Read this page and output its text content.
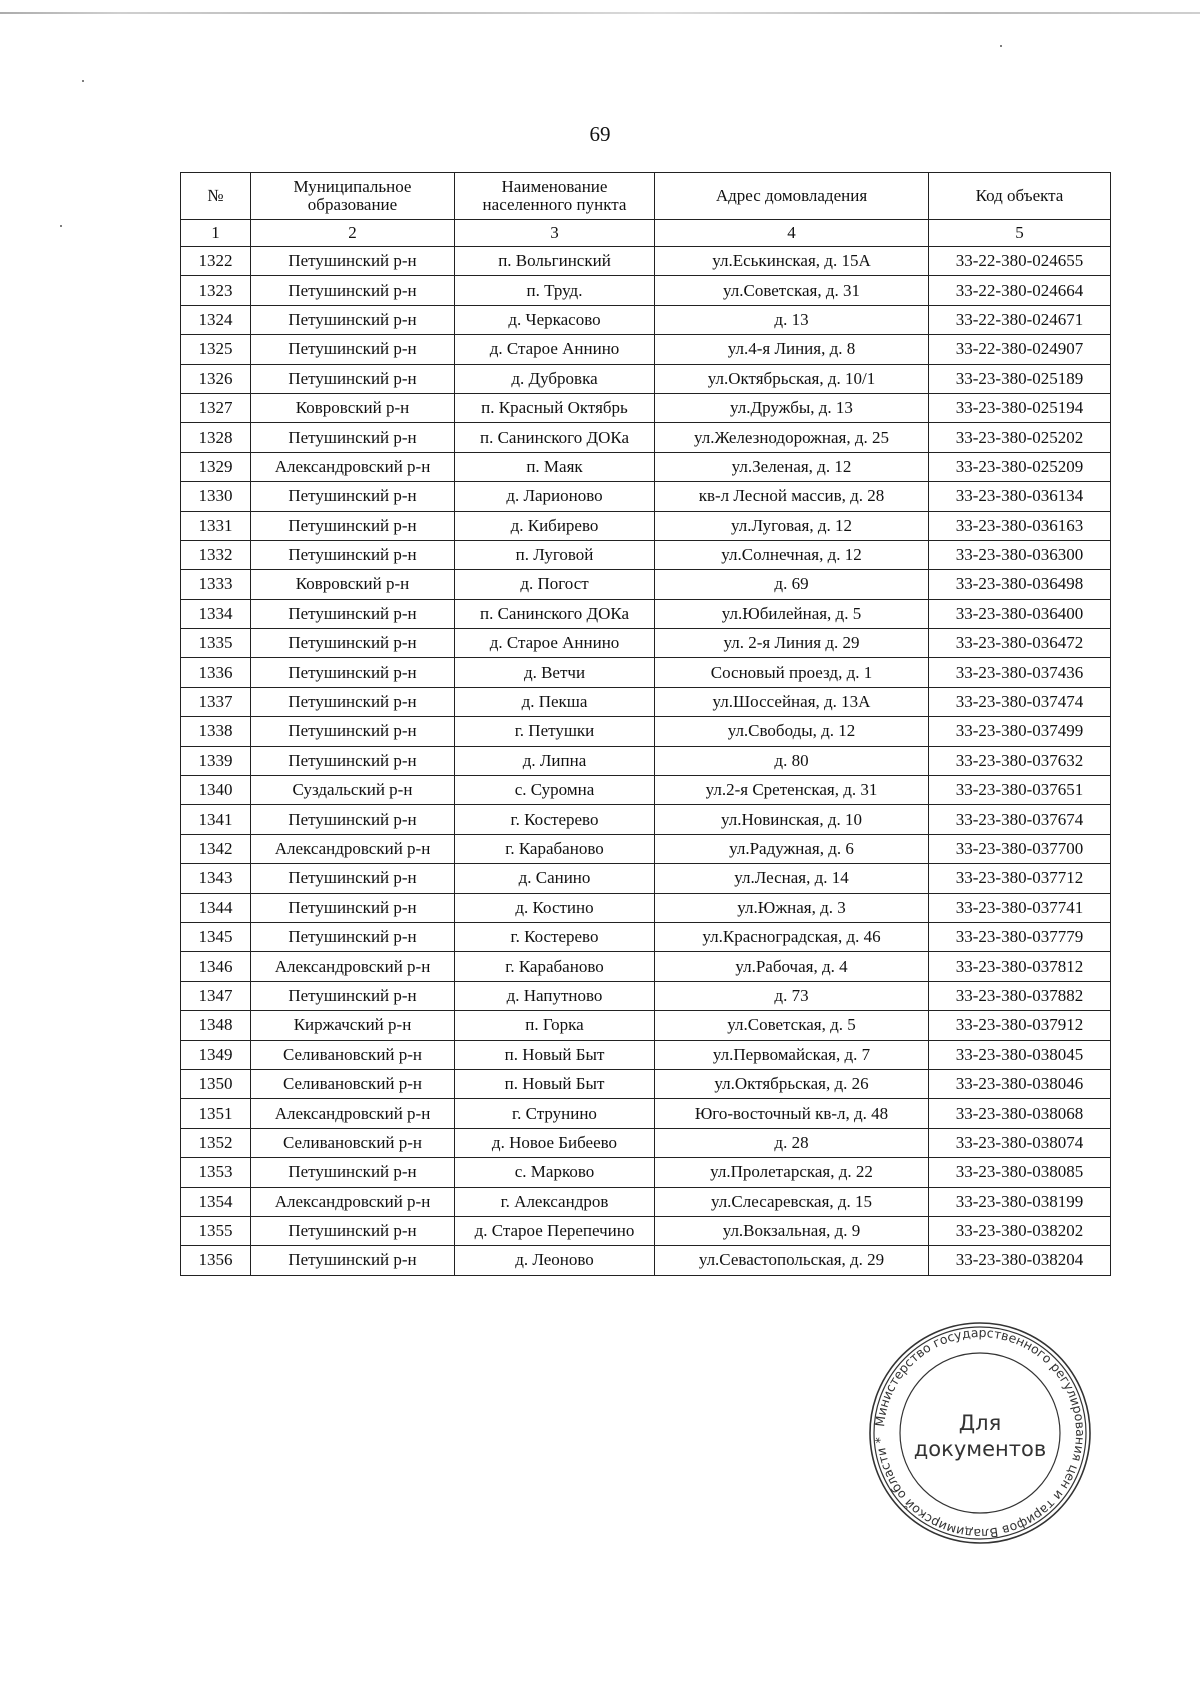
69
№	Муниципальное образование	Наименование населенного пункта	Адрес домовладения	Код объекта
1	2	3	4	5
1322	Петушинский р-н	п. Вольгинский	ул.Еськинская, д. 15А	33-22-380-024655
1323	Петушинский р-н	п. Труд.	ул.Советская, д. 31	33-22-380-024664
1324	Петушинский р-н	д. Черкасово	д. 13	33-22-380-024671
1325	Петушинский р-н	д. Старое Аннино	ул.4-я Линия, д. 8	33-22-380-024907
1326	Петушинский р-н	д. Дубровка	ул.Октябрьская, д. 10/1	33-23-380-025189
1327	Ковровский р-н	п. Красный Октябрь	ул.Дружбы, д. 13	33-23-380-025194
1328	Петушинский р-н	п. Санинского ДОКа	ул.Железнодорожная, д. 25	33-23-380-025202
1329	Александровский р-н	п. Маяк	ул.Зеленая, д. 12	33-23-380-025209
1330	Петушинский р-н	д. Ларионово	кв-л Лесной массив, д. 28	33-23-380-036134
1331	Петушинский р-н	д. Кибирево	ул.Луговая, д. 12	33-23-380-036163
1332	Петушинский р-н	п. Луговой	ул.Солнечная, д. 12	33-23-380-036300
1333	Ковровский р-н	д. Погост	д. 69	33-23-380-036498
1334	Петушинский р-н	п. Санинского ДОКа	ул.Юбилейная, д. 5	33-23-380-036400
1335	Петушинский р-н	д. Старое Аннино	ул. 2-я Линия д. 29	33-23-380-036472
1336	Петушинский р-н	д. Ветчи	Сосновый проезд, д. 1	33-23-380-037436
1337	Петушинский р-н	д. Пекша	ул.Шоссейная, д. 13А	33-23-380-037474
1338	Петушинский р-н	г. Петушки	ул.Свободы, д. 12	33-23-380-037499
1339	Петушинский р-н	д. Липна	д. 80	33-23-380-037632
1340	Суздальский р-н	с. Суромна	ул.2-я Сретенская, д. 31	33-23-380-037651
1341	Петушинский р-н	г. Костерево	ул.Новинская, д. 10	33-23-380-037674
1342	Александровский р-н	г. Карабаново	ул.Радужная, д. 6	33-23-380-037700
1343	Петушинский р-н	д. Санино	ул.Лесная, д. 14	33-23-380-037712
1344	Петушинский р-н	д. Костино	ул.Южная, д. 3	33-23-380-037741
1345	Петушинский р-н	г. Костерево	ул.Красноградская, д. 46	33-23-380-037779
1346	Александровский р-н	г. Карабаново	ул.Рабочая, д. 4	33-23-380-037812
1347	Петушинский р-н	д. Напутново	д. 73	33-23-380-037882
1348	Киржачский р-н	п. Горка	ул.Советская, д. 5	33-23-380-037912
1349	Селивановский р-н	п. Новый Быт	ул.Первомайская, д. 7	33-23-380-038045
1350	Селивановский р-н	п. Новый Быт	ул.Октябрьская, д. 26	33-23-380-038046
1351	Александровский р-н	г. Струнино	Юго-восточный кв-л, д. 48	33-23-380-038068
1352	Селивановский р-н	д. Новое Бибеево	д. 28	33-23-380-038074
1353	Петушинский р-н	с. Марково	ул.Пролетарская, д. 22	33-23-380-038085
1354	Александровский р-н	г. Александров	ул.Слесаревская, д. 15	33-23-380-038199
1355	Петушинский р-н	д. Старое Перепечино	ул.Вокзальная, д. 9	33-23-380-038202
1356	Петушинский р-н	д. Леоново	ул.Севастопольская, д. 29	33-23-380-038204
Министерство государственного регулирования цен и тарифов Владимирской области *
Для
документов
